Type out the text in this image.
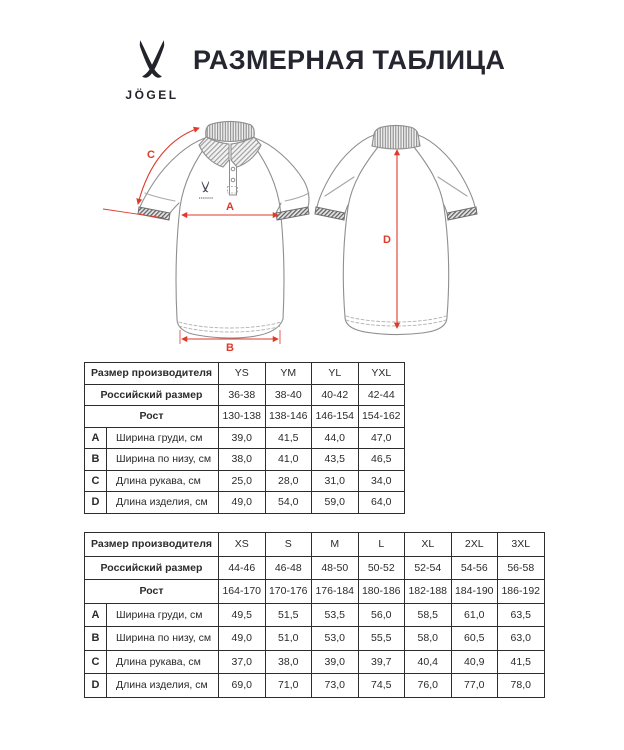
JÖGEL
РАЗМЕРНАЯ ТАБЛИЦА
A
B
C
D
Размер производителя		YS	YM	YL	YXL
Российский размер		36-38	38-40	40-42	42-44
Рост		130-138	138-146	146-154	154-162
A	Ширина груди, см	39,0	41,5	44,0	47,0
B	Ширина по низу, см	38,0	41,0	43,5	46,5
C	Длина рукава, см	25,0	28,0	31,0	34,0
D	Длина изделия, см	49,0	54,0	59,0	64,0
Размер производителя		XS	S	M	L	XL	2XL	3XL
Российский размер		44-46	46-48	48-50	50-52	52-54	54-56	56-58
Рост		164-170	170-176	176-184	180-186	182-188	184-190	186-192
A	Ширина груди, см	49,5	51,5	53,5	56,0	58,5	61,0	63,5
B	Ширина по низу, см	49,0	51,0	53,0	55,5	58,0	60,5	63,0
C	Длина рукава, см	37,0	38,0	39,0	39,7	40,4	40,9	41,5
D	Длина изделия, см	69,0	71,0	73,0	74,5	76,0	77,0	78,0
